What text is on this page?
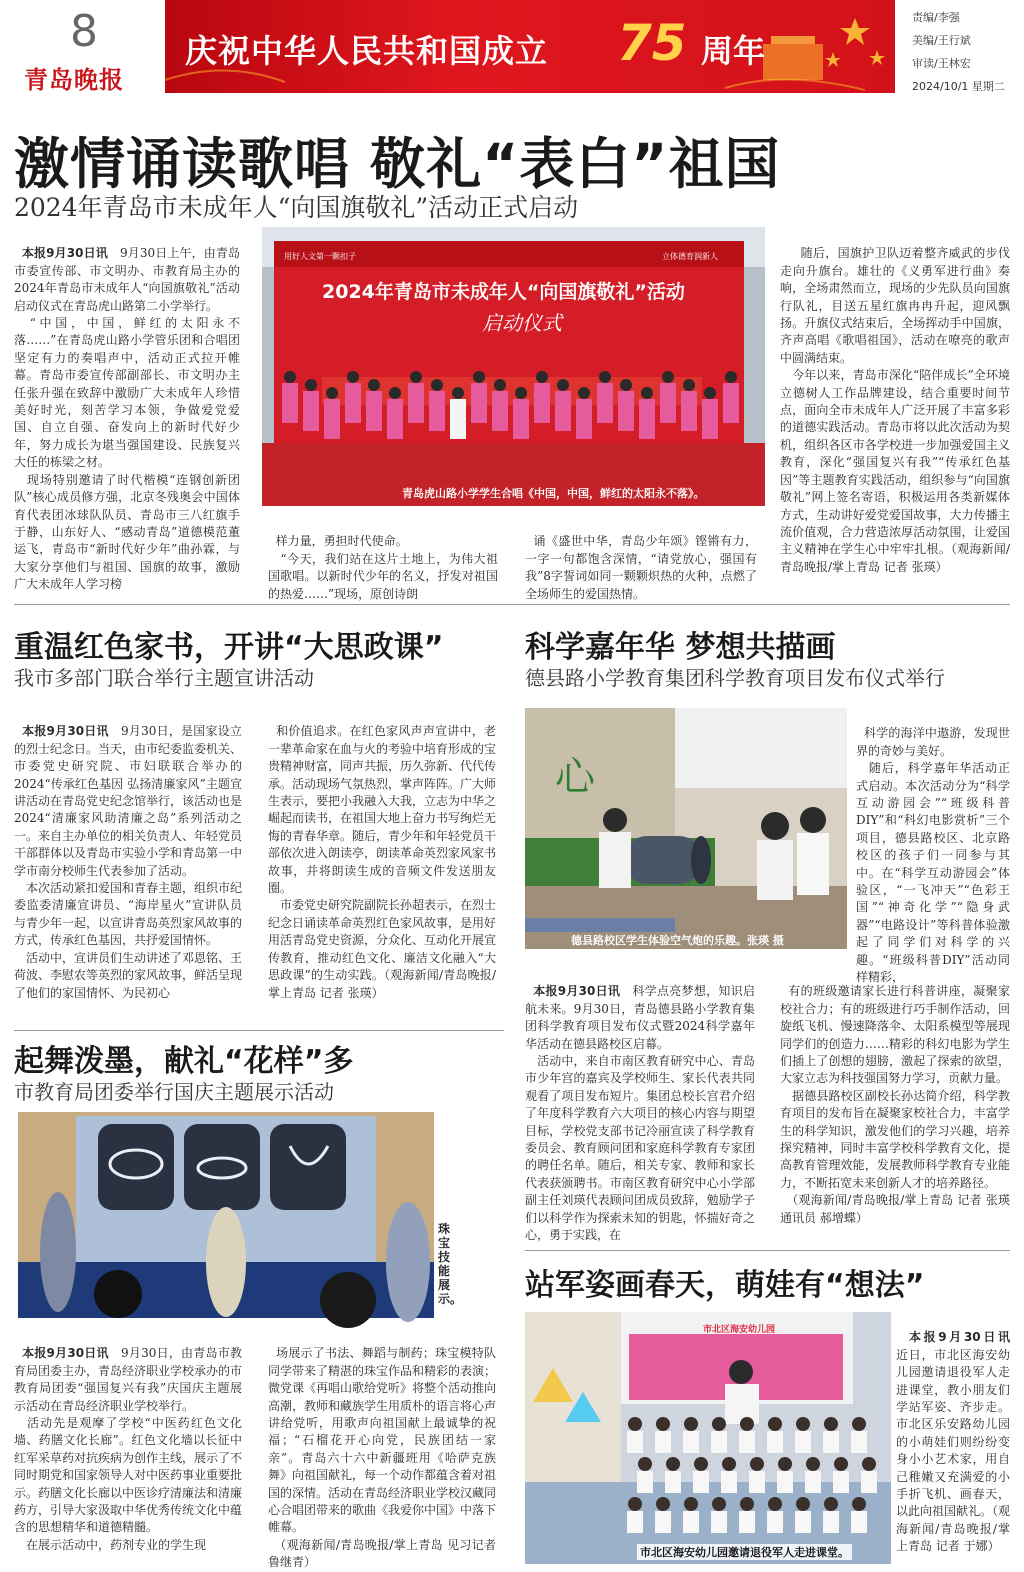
8
青岛晚报
庆祝中华人民共和国成立 75 周年
责编/李强
美编/王行斌
审读/王林宏
2024/10/1 星期二
激情诵读歌唱 敬礼“表白”祖国
2024年青岛市未成年人“向国旗敬礼”活动正式启动

本报9月30日讯　9月30日上午，由青岛市委宣传部、市文明办、市教育局主办的2024年青岛市未成年人“向国旗敬礼”活动启动仪式在青岛虎山路第二小学举行。
　“中国，中国，鲜红的太阳永不落……”在青岛虎山路小学管乐团和合唱团坚定有力的奏唱声中，活动正式拉开帷幕。青岛市委宣传部副部长、市文明办主任张升强在致辞中激励广大未成年人珍惜美好时光，刻苦学习本领，争做爱党爱国、自立自强、奋发向上的新时代好少年，努力成长为堪当强国建设、民族复兴大任的栋梁之材。
　现场特别邀请了时代楷模“连钢创新团队”核心成员修方强，北京冬残奥会中国体育代表团冰球队队员、青岛市三八红旗手于静，山东好人、“感动青岛”道德模范董运飞，青岛市“新时代好少年”曲孙霖，与大家分享他们与祖国、国旗的故事，激励广大未成年人学习榜

用好人文第一颗扣子	立体德育润新人
2024年青岛市未成年人“向国旗敬礼”活动
启动仪式
青岛虎山路小学学生合唱《中国，中国，鲜红的太阳永不落》。

样力量，勇担时代使命。
　“今天，我们站在这片土地上，为伟大祖国歌唱。以新时代少年的名义，抒发对祖国的热爱……”现场，原创诗朗

诵《盛世中华，青岛少年颂》铿锵有力，一字一句都饱含深情，“请党放心，强国有我”8字誓词如同一颗颗炽热的火种，点燃了全场师生的爱国热情。

　随后，国旗护卫队迈着整齐威武的步伐走向升旗台。雄壮的《义勇军进行曲》奏响，全场肃然而立，现场的少先队员向国旗行队礼，目送五星红旗冉冉升起，迎风飘扬。升旗仪式结束后，全场挥动手中国旗，齐声高唱《歌唱祖国》，活动在嘹亮的歌声中圆满结束。
　今年以来，青岛市深化“陪伴成长”全环境立德树人工作品牌建设，结合重要时间节点，面向全市未成年人广泛开展了丰富多彩的道德实践活动。青岛市将以此次活动为契机，组织各区市各学校进一步加强爱国主义教育，深化“强国复兴有我”“传承红色基因”等主题教育实践活动，组织参与“向国旗敬礼”网上签名寄语，积极运用各类新媒体方式，生动讲好爱党爱国故事，大力传播主流价值观，合力营造浓厚活动氛围，让爱国主义精神在学生心中牢牢扎根。（观海新闻/青岛晚报/掌上青岛 记者 张瑛）

重温红色家书，开讲“大思政课”
我市多部门联合举行主题宣讲活动

本报9月30日讯　9月30日，是国家设立的烈士纪念日。当天，由市纪委监委机关、市委党史研究院、市妇联联合举办的2024“传承红色基因 弘扬清廉家风”主题宣讲活动在青岛党史纪念馆举行，该活动也是2024“清廉家风助清廉之岛”系列活动之一。来自主办单位的相关负责人、年轻党员干部群体以及青岛市实验小学和青岛第一中学市南分校师生代表参加了活动。
　本次活动紧扣爱国和青春主题，组织市纪委监委清廉宣讲员、“海岸星火”宣讲队员与青少年一起，以宣讲青岛英烈家风故事的方式，传承红色基因，共抒爱国情怀。
　活动中，宣讲员们生动讲述了邓恩铭、王荷波、李慰农等英烈的家风故事，鲜活呈现了他们的家国情怀、为民初心

和价值追求。在红色家风声声宣讲中，老一辈革命家在血与火的考验中培育形成的宝贵精神财富，同声共振，历久弥新、代代传承。活动现场气氛热烈，掌声阵阵。广大师生表示，要把小我融入大我，立志为中华之崛起而读书，在祖国大地上奋力书写绚烂无悔的青春华章。随后，青少年和年轻党员干部依次进入朗读亭，朗读革命英烈家风家书故事，并将朗读生成的音频文件发送朋友圈。
　市委党史研究院副院长孙超表示，在烈士纪念日诵读革命英烈红色家风故事，是用好用活青岛党史资源，分众化、互动化开展宣传教育，推动红色文化、廉洁文化融入“大思政课”的生动实践。（观海新闻/青岛晚报/掌上青岛 记者 张瑛）

起舞泼墨，献礼“花样”多
市教育局团委举行国庆主题展示活动
珠宝技能展示。

本报9月30日讯　9月30日，由青岛市教育局团委主办，青岛经济职业学校承办的市教育局团委“强国复兴有我”庆国庆主题展示活动在青岛经济职业学校举行。
　活动先是观摩了学校“中医药红色文化墙、药膳文化长廊”。红色文化墙以长征中红军采草药对抗疾病为创作主线，展示了不同时期党和国家领导人对中医药事业重要批示。药膳文化长廊以中医诊疗清廉法和清廉药方，引导大家汲取中华优秀传统文化中蕴含的思想精华和道德精髓。
　在展示活动中，药剂专业的学生现

场展示了书法、舞蹈与制药；珠宝模特队同学带来了精湛的珠宝作品和精彩的表演；微党课《再唱山歌给党听》将整个活动推向高潮，教师和藏族学生用质朴的语言将心声讲给党听，用歌声向祖国献上最诚挚的祝福；“石榴花开心向党，民族团结一家亲”。青岛六十六中新疆班用《哈萨克族舞》向祖国献礼，每一个动作都蕴含着对祖国的深情。活动在青岛经济职业学校汉藏同心合唱团带来的歌曲《我爱你中国》中落下帷幕。
　（观海新闻/青岛晚报/掌上青岛 见习记者 鲁继青）

科学嘉年华 梦想共描画
德县路小学教育集团科学教育项目发布仪式举行
心
德县路校区学生体验空气炮的乐趣。张瑛 摄

科学的海洋中遨游，发现世界的奇妙与美好。
　随后，科学嘉年华活动正式启动。本次活动分为“科学互动游园会”“班级科普DIY”和“科幻电影赏析”三个项目，德县路校区、北京路校区的孩子们一同参与其中。在“科学互动游园会”体验区，“一飞冲天”“色彩王国”“神奇化学”“隐身武器”“电路设计”等科普体验激起了同学们对科学的兴趣。“班级科普DIY”活动同样精彩，

本报9月30日讯　科学点亮梦想，知识启航未来。9月30日，青岛德县路小学教育集团科学教育项目发布仪式暨2024科学嘉年华活动在德县路校区启幕。
　活动中，来自市南区教育研究中心、青岛市少年宫的嘉宾及学校师生、家长代表共同观看了项目发布短片。集团总校长宫君介绍了年度科学教育六大项目的核心内容与期望目标，学校党支部书记冷丽宣读了科学教育委员会、教育顾问团和家庭科学教育专家团的聘任名单。随后，相关专家、教师和家长代表获颁聘书。市南区教育研究中心小学部副主任刘瑛代表顾问团成员致辞，勉励学子们以科学作为探索未知的钥匙，怀揣好奇之心，勇于实践，在

有的班级邀请家长进行科普讲座，凝聚家校社合力；有的班级进行巧手制作活动，回旋纸飞机、慢速降落伞、太阳系模型等展现同学们的创造力……精彩的科幻电影为学生们插上了创想的翅膀，激起了探索的欲望，大家立志为科技强国努力学习，贡献力量。
　据德县路校区副校长孙达简介绍，科学教育项目的发布旨在凝聚家校社合力，丰富学生的科学知识，激发他们的学习兴趣，培养探究精神，同时丰富学校科学教育文化，提高教育管理效能，发展教师科学教育专业能力，不断拓宽未来创新人才的培养路径。
　（观海新闻/青岛晚报/掌上青岛 记者 张瑛 通讯员 郝增蝶）

站军姿画春天，萌娃有“想法”
市北区海安幼儿园
市北区海安幼儿园邀请退役军人走进课堂。

本报9月30日讯　近日，市北区海安幼儿园邀请退役军人走进课堂，教小朋友们学站军姿、齐步走。市北区乐安路幼儿园的小萌娃们则纷纷变身小小艺术家，用自己稚嫩又充满爱的小手折飞机、画春天，以此向祖国献礼。（观海新闻/青岛晚报/掌上青岛 记者 于娜）
